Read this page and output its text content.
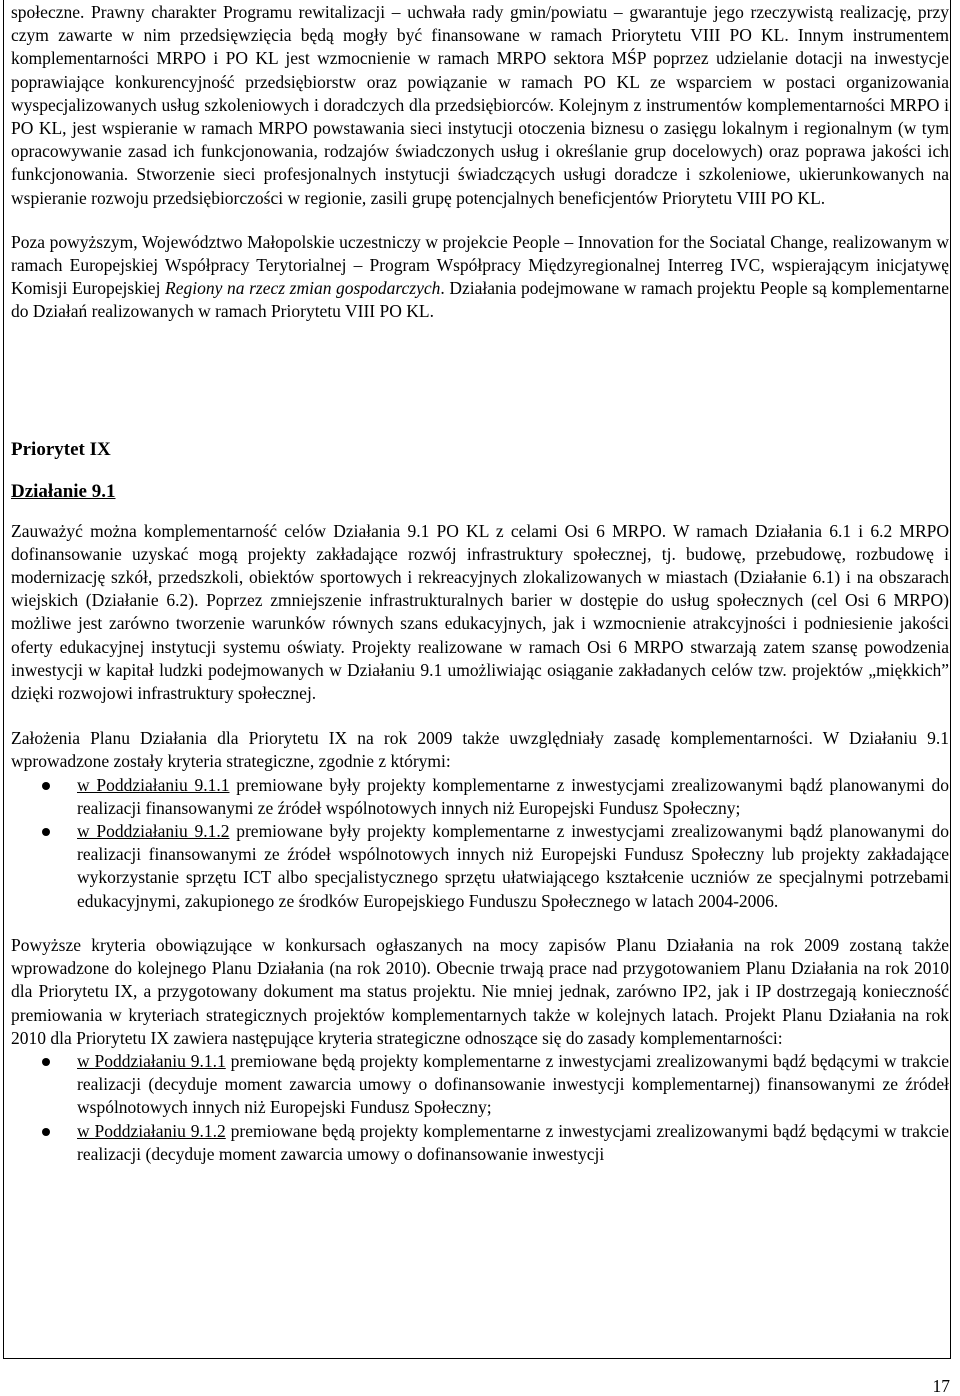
społeczne. Prawny charakter Programu rewitalizacji – uchwała rady gmin/powiatu – gwarantuje jego rzeczywistą realizację, przy czym zawarte w nim przedsięwzięcia będą mogły być finansowane w ramach Priorytetu VIII PO KL. Innym instrumentem komplementarności MRPO i PO KL jest wzmocnienie w ramach MRPO sektora MŚP poprzez udzielanie dotacji na inwestycje poprawiające konkurencyjność przedsiębiorstw oraz powiązanie w ramach PO KL ze wsparciem w postaci organizowania wyspecjalizowanych usług szkoleniowych i doradczych dla przedsiębiorców. Kolejnym z instrumentów komplementarności MRPO i PO KL, jest wspieranie w ramach MRPO powstawania sieci instytucji otoczenia biznesu o zasięgu lokalnym i regionalnym (w tym opracowywanie zasad ich funkcjonowania, rodzajów świadczonych usług i określanie grup docelowych) oraz poprawa jakości ich funkcjonowania. Stworzenie sieci profesjonalnych instytucji świadczących usługi doradcze i szkoleniowe, ukierunkowanych na wspieranie rozwoju przedsiębiorczości w regionie, zasili grupę potencjalnych beneficjentów Priorytetu VIII PO KL.

Poza powyższym, Województwo Małopolskie uczestniczy w projekcie People – Innovation for the Sociatal Change, realizowanym w ramach Europejskiej Współpracy Terytorialnej – Program Współpracy Międzyregionalnej Interreg IVC, wspierającym inicjatywę Komisji Europejskiej Regiony na rzecz zmian gospodarczych. Działania podejmowane w ramach projektu People są komplementarne do Działań realizowanych w ramach Priorytetu VIII PO KL.

Priorytet IX
Działanie 9.1

Zauważyć można komplementarność celów Działania 9.1 PO KL z celami Osi 6 MRPO. W ramach Działania 6.1 i 6.2 MRPO dofinansowanie uzyskać mogą projekty zakładające rozwój infrastruktury społecznej, tj. budowę, przebudowę, rozbudowę i modernizację szkół, przedszkoli, obiektów sportowych i rekreacyjnych zlokalizowanych w miastach (Działanie 6.1) i na obszarach wiejskich (Działanie 6.2). Poprzez zmniejszenie infrastrukturalnych barier w dostępie do usług społecznych (cel Osi 6 MRPO) możliwe jest zarówno tworzenie warunków równych szans edukacyjnych, jak i wzmocnienie atrakcyjności i podniesienie jakości oferty edukacyjnej instytucji systemu oświaty. Projekty realizowane w ramach Osi 6 MRPO stwarzają zatem szansę powodzenia inwestycji w kapitał ludzki podejmowanych w Działaniu 9.1 umożliwiając osiąganie zakładanych celów tzw. projektów „miękkich” dzięki rozwojowi infrastruktury społecznej.

Założenia Planu Działania dla Priorytetu IX na rok 2009 także uwzględniały zasadę komplementarności. W Działaniu 9.1 wprowadzone zostały kryteria strategiczne, zgodnie z którymi:

w Poddziałaniu 9.1.1 premiowane były projekty komplementarne z inwestycjami zrealizowanymi bądź planowanymi do realizacji finansowanymi ze źródeł wspólnotowych innych niż Europejski Fundusz Społeczny;
w Poddziałaniu 9.1.2 premiowane były projekty komplementarne z inwestycjami zrealizowanymi bądź planowanymi do realizacji finansowanymi ze źródeł wspólnotowych innych niż Europejski Fundusz Społeczny lub projekty zakładające wykorzystanie sprzętu ICT albo specjalistycznego sprzętu ułatwiającego kształcenie uczniów ze specjalnymi potrzebami edukacyjnymi, zakupionego ze środków Europejskiego Funduszu Społecznego w latach 2004-2006.

Powyższe kryteria obowiązujące w konkursach ogłaszanych na mocy zapisów Planu Działania na rok 2009 zostaną także wprowadzone do kolejnego Planu Działania (na rok 2010). Obecnie trwają prace nad przygotowaniem Planu Działania na rok 2010 dla Priorytetu IX, a przygotowany dokument ma status projektu. Nie mniej jednak, zarówno IP2, jak i IP dostrzegają konieczność premiowania w kryteriach strategicznych projektów komplementarnych także w kolejnych latach. Projekt Planu Działania na rok 2010 dla Priorytetu IX zawiera następujące kryteria strategiczne odnoszące się do zasady komplementarności:

w Poddziałaniu 9.1.1 premiowane będą projekty komplementarne z inwestycjami zrealizowanymi bądź będącymi w trakcie realizacji (decyduje moment zawarcia umowy o dofinansowanie inwestycji komplementarnej) finansowanymi ze źródeł wspólnotowych innych niż Europejski Fundusz Społeczny;
w Poddziałaniu 9.1.2 premiowane będą projekty komplementarne z inwestycjami zrealizowanymi bądź będącymi w trakcie realizacji (decyduje moment zawarcia umowy o dofinansowanie inwestycji
17
